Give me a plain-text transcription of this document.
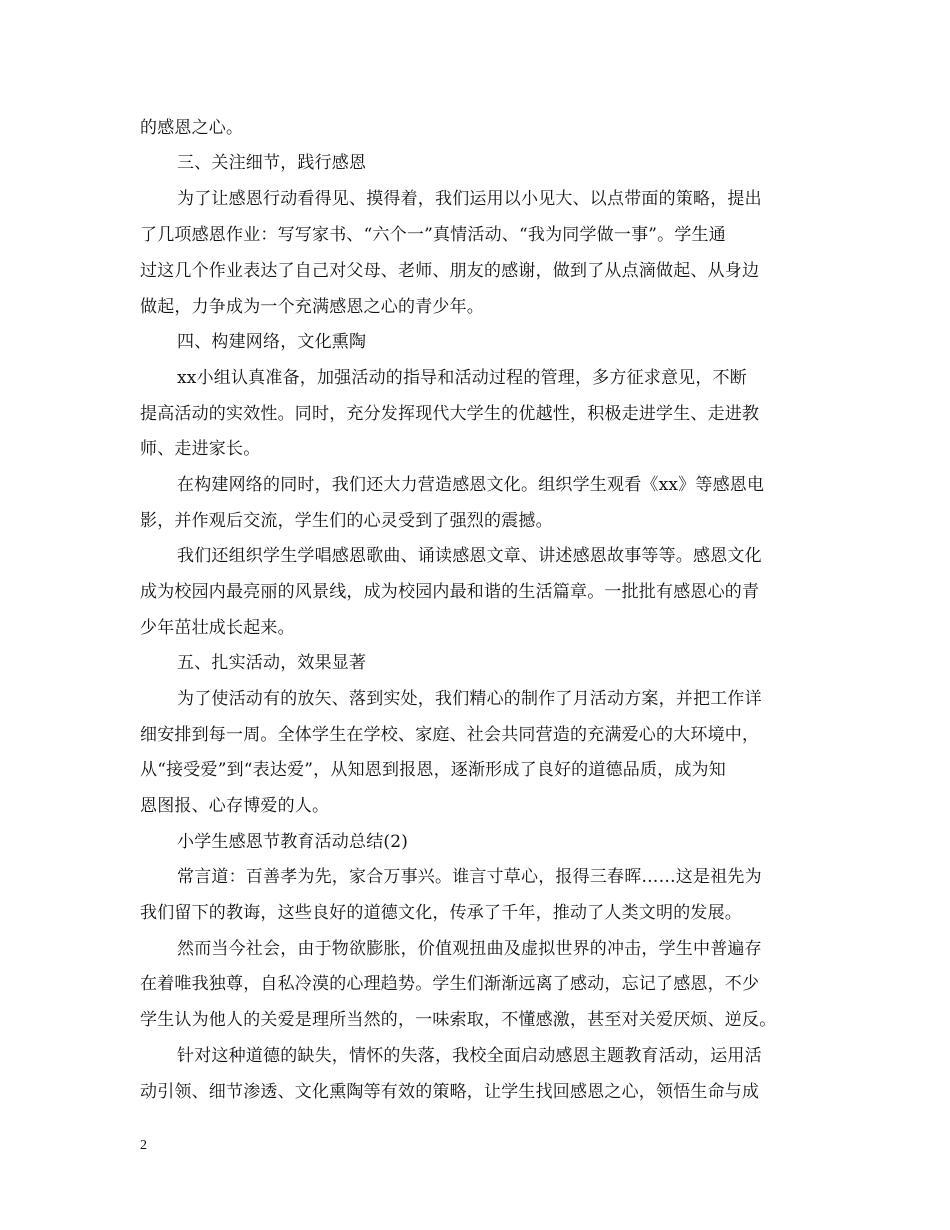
的感恩之心。
三、关注细节，践行感恩
为了让感恩行动看得见、摸得着，我们运用以小见大、以点带面的策略，提出
了几项感恩作业：写写家书、“六个一”真情活动、“我为同学做一事”。学生通
过这几个作业表达了自己对父母、老师、朋友的感谢，做到了从点滴做起、从身边
做起，力争成为一个充满感恩之心的青少年。
四、构建网络，文化熏陶
xx小组认真准备，加强活动的指导和活动过程的管理，多方征求意见，不断
提高活动的实效性。同时，充分发挥现代大学生的优越性，积极走进学生、走进教
师、走进家长。
在构建网络的同时，我们还大力营造感恩文化。组织学生观看《xx》等感恩电
影，并作观后交流，学生们的心灵受到了强烈的震撼。
我们还组织学生学唱感恩歌曲、诵读感恩文章、讲述感恩故事等等。感恩文化
成为校园内最亮丽的风景线，成为校园内最和谐的生活篇章。一批批有感恩心的青
少年茁壮成长起来。
五、扎实活动，效果显著
为了使活动有的放矢、落到实处，我们精心的制作了月活动方案，并把工作详
细安排到每一周。全体学生在学校、家庭、社会共同营造的充满爱心的大环境中，
从“接受爱”到“表达爱”，从知恩到报恩，逐渐形成了良好的道德品质，成为知
恩图报、心存博爱的人。
小学生感恩节教育活动总结(2)
常言道：百善孝为先，家合万事兴。谁言寸草心，报得三春晖……这是祖先为
我们留下的教诲，这些良好的道德文化，传承了千年，推动了人类文明的发展。
然而当今社会，由于物欲膨胀，价值观扭曲及虚拟世界的冲击，学生中普遍存
在着唯我独尊，自私冷漠的心理趋势。学生们渐渐远离了感动，忘记了感恩，不少
学生认为他人的关爱是理所当然的，一味索取，不懂感激，甚至对关爱厌烦、逆反。
针对这种道德的缺失，情怀的失落，我校全面启动感恩主题教育活动，运用活
动引领、细节渗透、文化熏陶等有效的策略，让学生找回感恩之心，领悟生命与成
2
